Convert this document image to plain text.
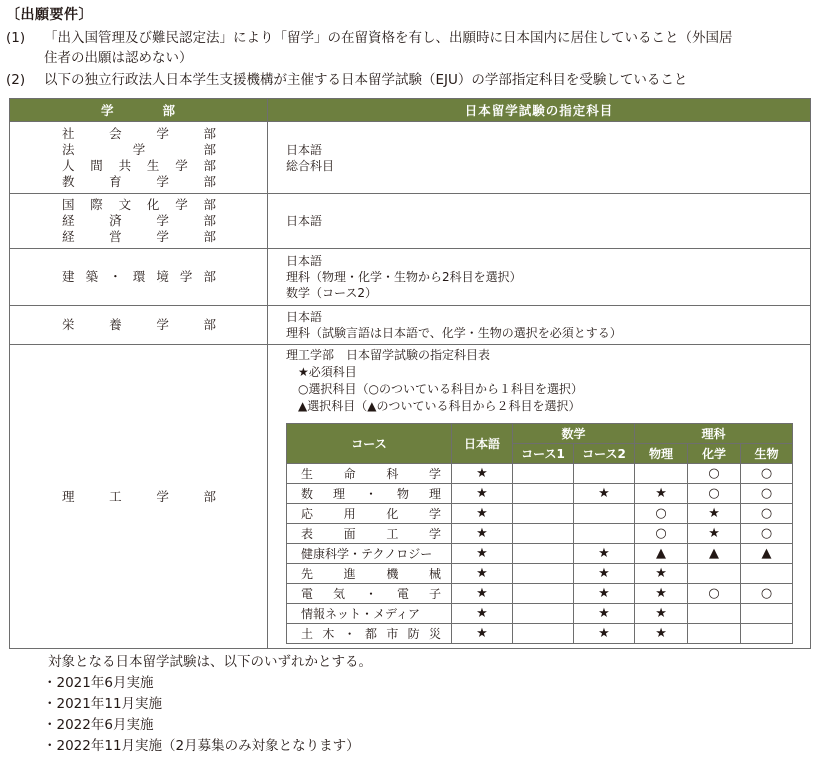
〔出願要件〕
(1) 「出入国管理及び難民認定法」により「留学」の在留資格を有し、出願時に日本国内に居住していること（外国居
住者の出願は認めない）
(2) 以下の独立行政法人日本学生支援機構が主催する日本留学試験（EJU）の学部指定科目を受験していること
学	部	日本留学試験の指定科目

社	会	学	部
法	学	部
人 間 共 生 学 部
教	育	学	部

日本語
総合科目

国 際 文 化 学 部
経	済	学	部
経	営	学	部

日本語

建 築 ・ 環 境 学 部

日本語
理科（物理・化学・生物から2科目を選択）
数学（コース2）

栄	養	学	部	日本語
理科（試験言語は日本語で、化学・生物の選択を必須とする）

理	工	学	部

理工学部　日本留学試験の指定科目表
★必須科目
○選択科目（○のついている科目から１科目を選択）
▲選択科目（▲のついている科目から２科目を選択）
コース	日本語	数学	理科
コース1	コース2	物理	化学	生物

生	命	科	学	★				○	○

数 理 ・ 物 理	★		★	★	○	○

応	用	化	学	★			○	★	○

表	面	工	学	★			○	★	○

健康科学・テクノロジー	★		★	▲	▲	▲

先	進	機	械	★		★	★		

電 気 ・ 電 子	★		★	★	○	○

情報ネット・メディア	★		★	★		

土 木 ・ 都 市 防 災	★		★	★		
対象となる日本留学試験は、以下のいずれかとする。
・2021年6月実施
・2021年11月実施
・2022年6月実施
・2022年11月実施（2月募集のみ対象となります）
